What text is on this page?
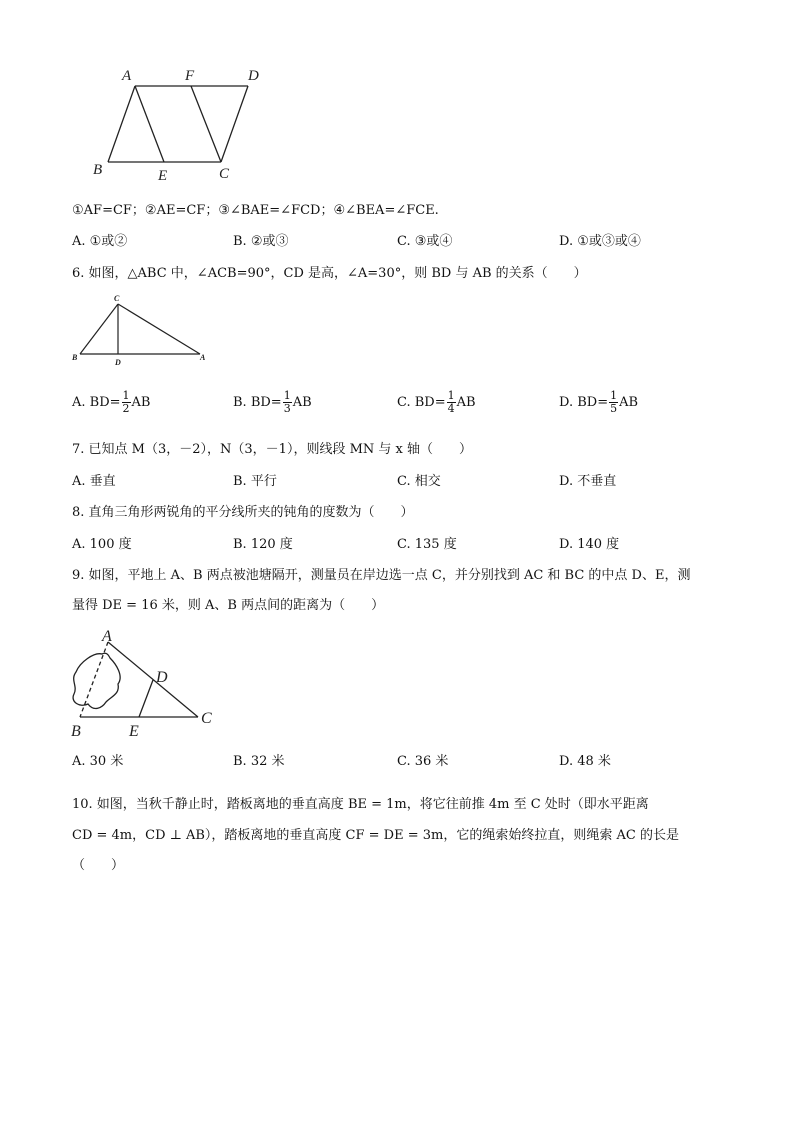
A	F	D
B	E	C
①AF=CF；②AE=CF；③∠BAE=∠FCD；④∠BEA=∠FCE.
A. ①或②	B. ②或③	C. ③或④	D. ①或③或④
6. 如图，△ABC 中，∠ACB=90°，CD 是高，∠A=30°，则 BD 与 AB 的关系（　　）
C
B
D
A
A. $BD= \frac{1}{2}$ AB	B. $BD= \frac{1}{3}$ AB	C. $BD= \frac{1}{4}$ AB	D. $BD= \frac{1}{5}$ AB
7. 已知点 M（3，－2），N（3，－1），则线段 MN 与 x 轴（　　）
A. 垂直	B. 平行	C. 相交	D. 不垂直
8. 直角三角形两锐角的平分线所夹的钝角的度数为（　　）
A. 100 度	B. 120 度	C. 135 度	D. 140 度
9. 如图，平地上 A、B 两点被池塘隔开，测量员在岸边选一点 C，并分别找到 AC 和 BC 的中点 D、E，测
量得 DE = 16 米，则 A、B 两点间的距离为（　　）
A
D
B	E
C
A. 30 米	B. 32 米	C. 36 米	D. 48 米
10. 如图，当秋千静止时，踏板离地的垂直高度 BE = 1m，将它往前推 4m 至 C 处时（即水平距离
CD = 4m，CD ⊥ AB），踏板离地的垂直高度 CF = DE = 3m，它的绳索始终拉直，则绳索 AC 的长是
（　　）
